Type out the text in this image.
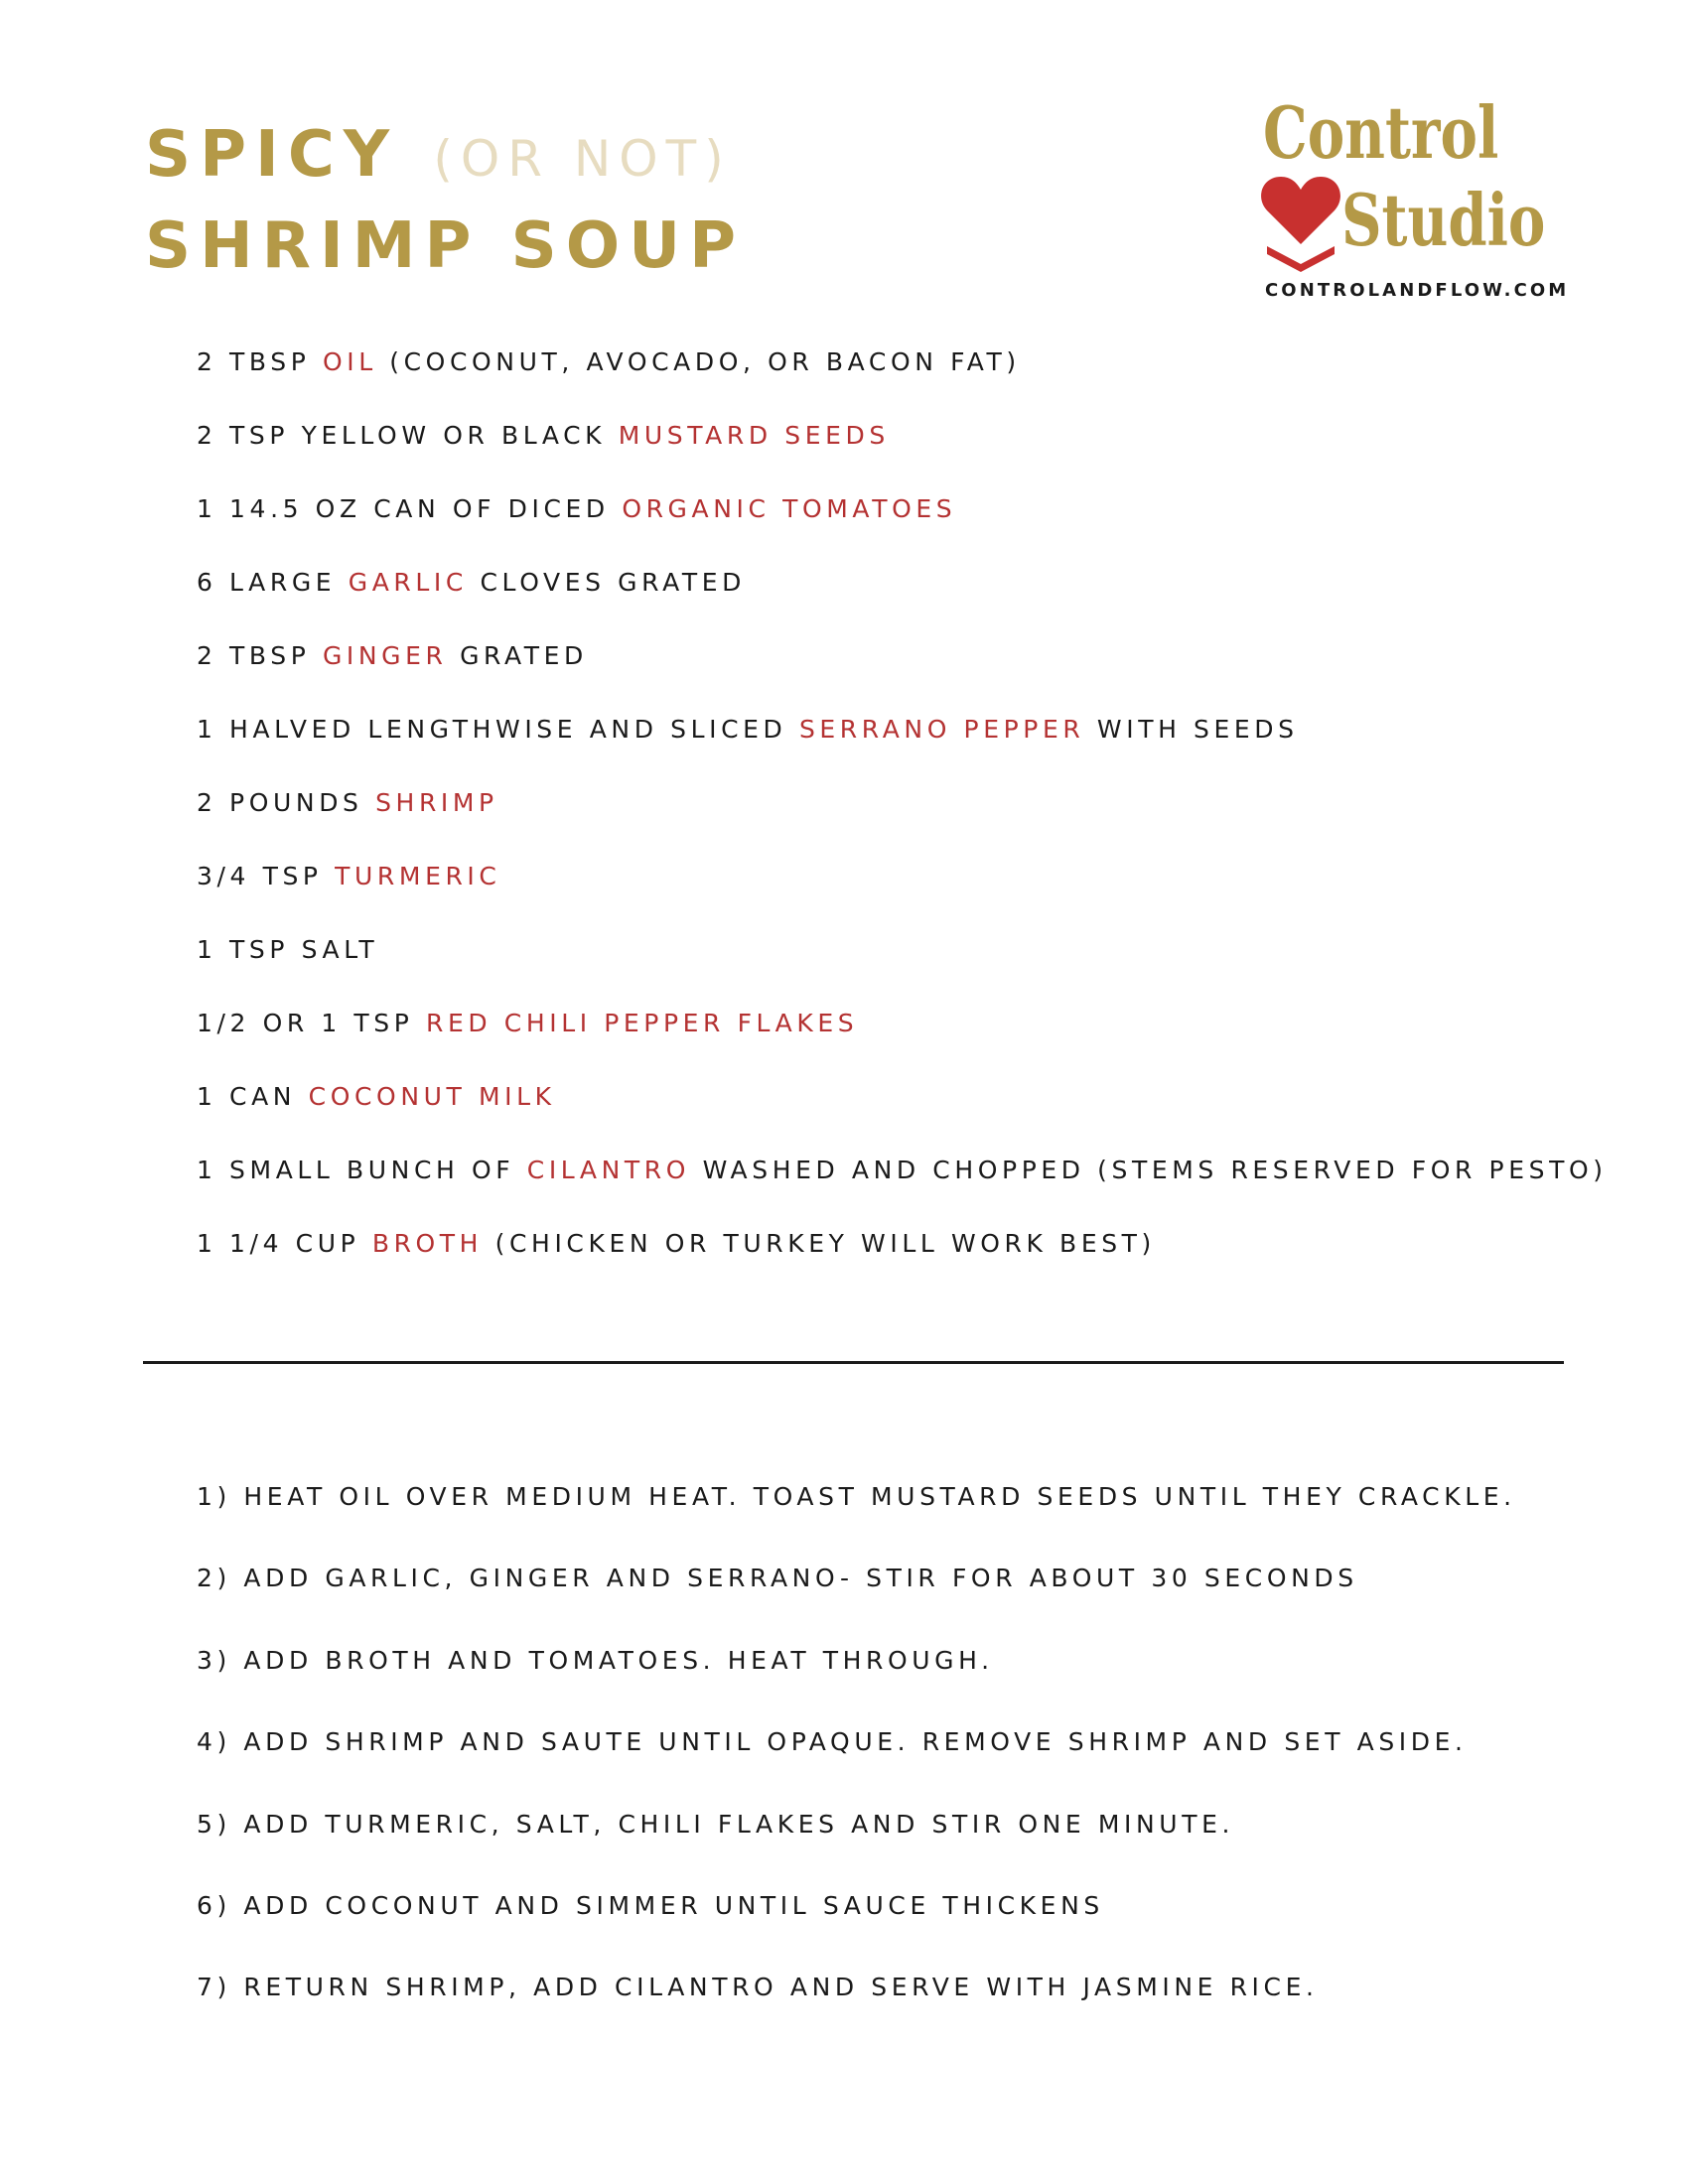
SPICY (OR NOT)
SHRIMP SOUP
Control
Studio
CONTROLANDFLOW.COM
2 TBSP OIL (COCONUT, AVOCADO, OR BACON FAT)
2 TSP YELLOW OR BLACK MUSTARD SEEDS
1 14.5 OZ CAN OF DICED ORGANIC TOMATOES
6 LARGE GARLIC CLOVES GRATED
2 TBSP GINGER GRATED
1 HALVED LENGTHWISE AND SLICED SERRANO PEPPER WITH SEEDS
2 POUNDS SHRIMP
3/4 TSP TURMERIC
1 TSP SALT
1/2 OR 1 TSP RED CHILI PEPPER FLAKES
1 CAN COCONUT MILK
1 SMALL BUNCH OF CILANTRO WASHED AND CHOPPED (STEMS RESERVED FOR PESTO)
1 1/4 CUP BROTH (CHICKEN OR TURKEY WILL WORK BEST)
1) HEAT OIL OVER MEDIUM HEAT. TOAST MUSTARD SEEDS UNTIL THEY CRACKLE.
2) ADD GARLIC, GINGER AND SERRANO- STIR FOR ABOUT 30 SECONDS
3) ADD BROTH AND TOMATOES. HEAT THROUGH.
4) ADD SHRIMP AND SAUTE UNTIL OPAQUE. REMOVE SHRIMP AND SET ASIDE.
5) ADD TURMERIC, SALT, CHILI FLAKES AND STIR ONE MINUTE.
6) ADD COCONUT AND SIMMER UNTIL SAUCE THICKENS
7) RETURN SHRIMP, ADD CILANTRO AND SERVE WITH JASMINE RICE.
